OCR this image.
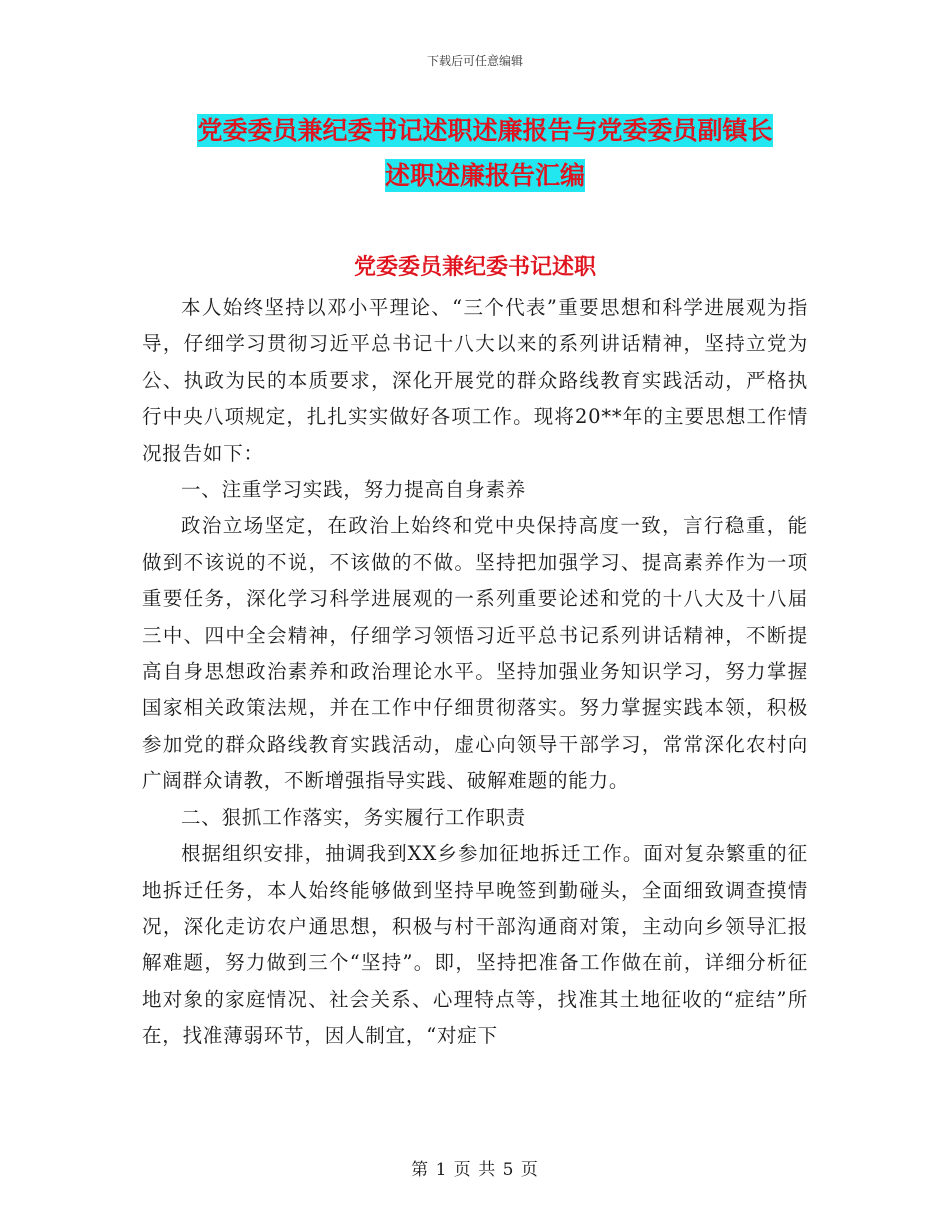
下载后可任意编辑
党委委员兼纪委书记述职述廉报告与党委委员副镇长
述职述廉报告汇编
党委委员兼纪委书记述职

本人始终坚持以邓小平理论、“三个代表”重要思想和科学进展观为指导，仔细学习贯彻习近平总书记十八大以来的系列讲话精神，坚持立党为公、执政为民的本质要求，深化开展党的群众路线教育实践活动，严格执行中央八项规定，扎扎实实做好各项工作。现将20**年的主要思想工作情况报告如下：

一、注重学习实践，努力提高自身素养

政治立场坚定，在政治上始终和党中央保持高度一致，言行稳重，能做到不该说的不说，不该做的不做。坚持把加强学习、提高素养作为一项重要任务，深化学习科学进展观的一系列重要论述和党的十八大及十八届三中、四中全会精神，仔细学习领悟习近平总书记系列讲话精神，不断提高自身思想政治素养和政治理论水平。坚持加强业务知识学习，努力掌握国家相关政策法规，并在工作中仔细贯彻落实。努力掌握实践本领，积极参加党的群众路线教育实践活动，虚心向领导干部学习，常常深化农村向广阔群众请教，不断增强指导实践、破解难题的能力。

二、狠抓工作落实，务实履行工作职责

根据组织安排，抽调我到XX乡参加征地拆迁工作。面对复杂繁重的征地拆迁任务，本人始终能够做到坚持早晚签到勤碰头，全面细致调查摸情况，深化走访农户通思想，积极与村干部沟通商对策，主动向乡领导汇报解难题，努力做到三个“坚持”。即，坚持把准备工作做在前，详细分析征地对象的家庭情况、社会关系、心理特点等，找准其土地征收的“症结”所在，找准薄弱环节，因人制宜，“对症下

第 1 页 共 5 页
